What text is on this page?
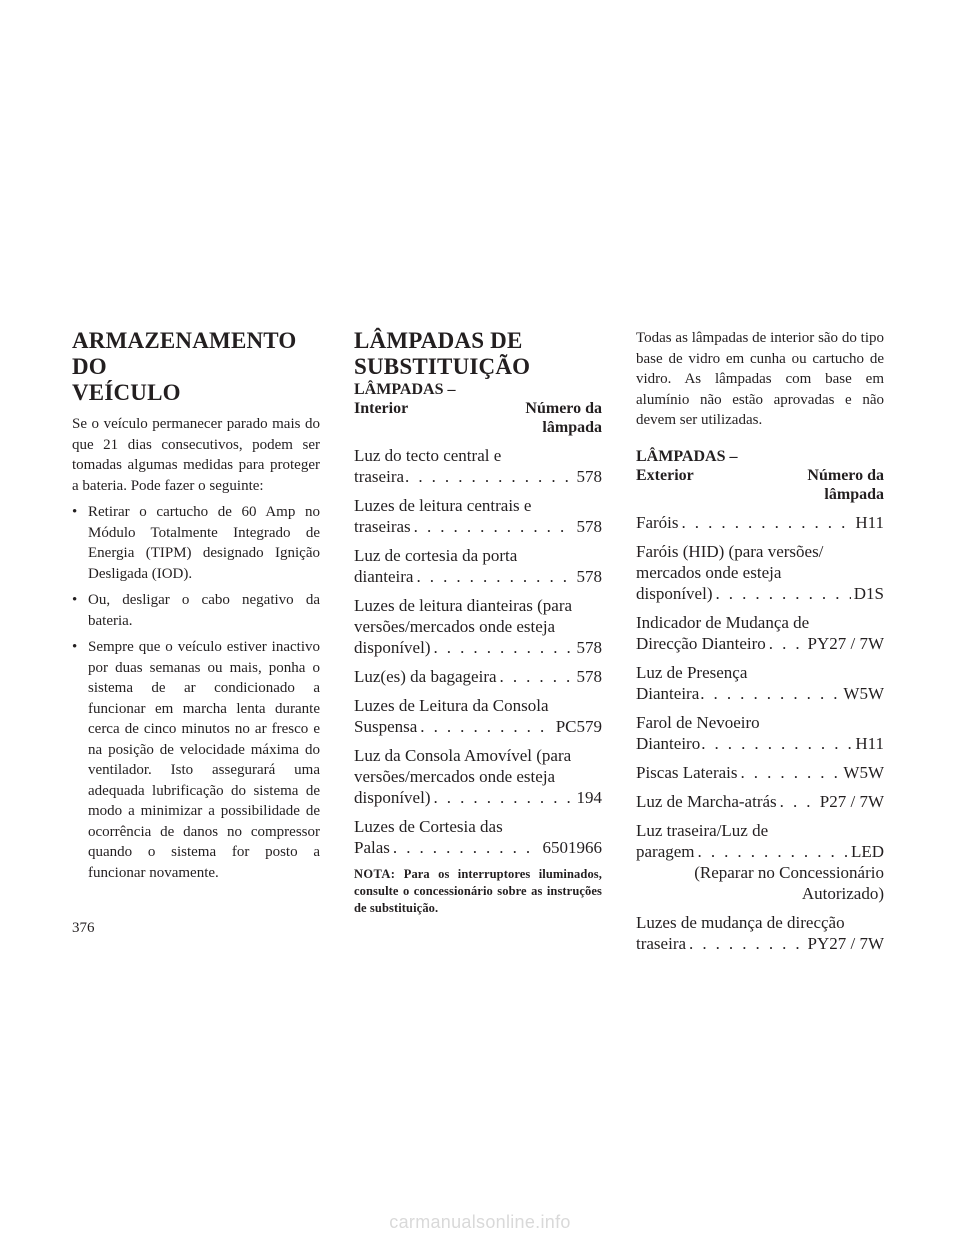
ARMAZENAMENTO DO
VEÍCULO

Se o veículo permanecer parado mais do que 21 dias consecutivos, podem ser tomadas algumas medidas para proteger a bateria. Pode fazer o seguinte:

• Retirar o cartucho de 60 Amp no Módulo Totalmente Integrado de Energia (TIPM) designado Ignição Desligada (IOD).
• Ou, desligar o cabo negativo da bateria.
• Sempre que o veículo estiver inactivo por duas semanas ou mais, ponha o sistema de ar condicionado a funcionar em marcha lenta durante cerca de cinco minutos no ar fresco e na posição de velocidade máxima do ventilador. Isto assegurará uma adequada lubrificação do sistema de modo a minimizar a possibilidade de ocorrência de danos no compressor quando o sistema for posto a funcionar novamente.
LÂMPADAS DE
SUBSTITUIÇÃO
LÂMPADAS –
Interior	Número da
lâmpada
Luz do tecto central e
traseira . . .	578
Luzes de leitura centrais e
traseiras . . .	578
Luz de cortesia da porta
dianteira . . .	578
Luzes de leitura dianteiras (para
versões/mercados onde esteja
disponível) . . .	578
Luz(es) da bagageira . . .	578
Luzes de Leitura da Consola
Suspensa . . .	PC579
Luz da Consola Amovível (para
versões/mercados onde esteja
disponível) . . .	194
Luzes de Cortesia das
Palas . . .	6501966

NOTA: Para os interruptores iluminados, consulte o concessionário sobre as instruções de substituição.

Todas as lâmpadas de interior são do tipo base de vidro em cunha ou cartucho de vidro. As lâmpadas com base em alumínio não estão aprovadas e não devem ser utilizadas.

LÂMPADAS –
Exterior	Número da
lâmpada
Faróis . . .	H11
Faróis (HID) (para versões/
mercados onde esteja
disponível) . . .	D1S
Indicador de Mudança de
Direcção Dianteiro . . . PY27 / 7W
Luz de Presença
Dianteira . . .	W5W
Farol de Nevoeiro
Dianteiro . . .	H11
Piscas Laterais . . .	W5W
Luz de Marcha-atrás . . .	P27 / 7W
Luz traseira/Luz de
paragem . . .	LED
(Reparar no Concessionário
Autorizado)
Luzes de mudança de direcção
traseira . . .	PY27 / 7W
376
carmanualsonline.info
